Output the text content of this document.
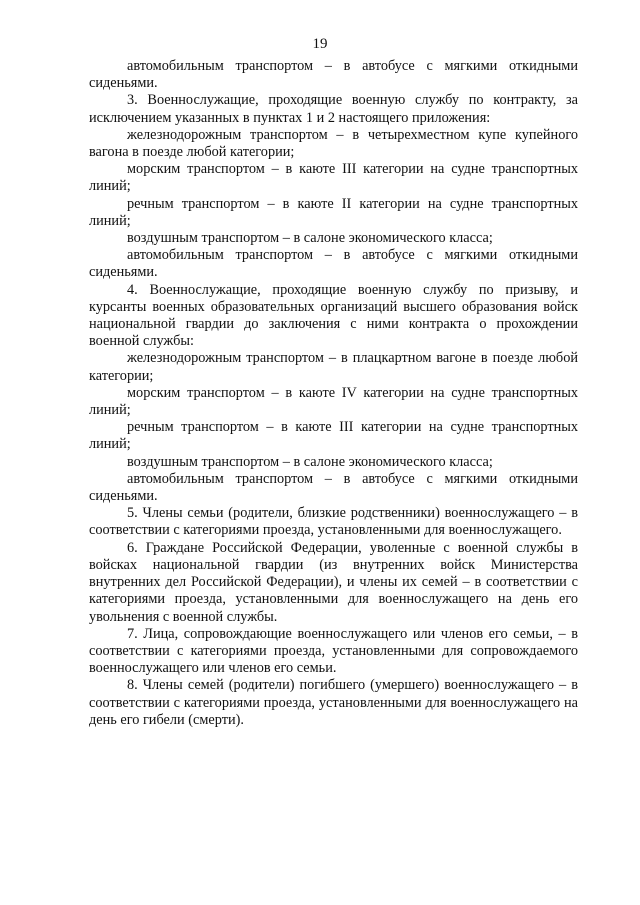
19

автомобильным транспортом – в автобусе с мягкими откидными сиденьями.

3. Военнослужащие, проходящие военную службу по контракту, за исключением указанных в пунктах 1 и 2 настоящего приложения:

железнодорожным транспортом – в четырехместном купе купейного вагона в поезде любой категории;

морским транспортом – в каюте III категории на судне транспортных линий;

речным транспортом – в каюте II категории на судне транспортных линий;

воздушным транспортом – в салоне экономического класса;

автомобильным транспортом – в автобусе с мягкими откидными сиденьями.

4. Военнослужащие, проходящие военную службу по призыву, и курсанты военных образовательных организаций высшего образования войск национальной гвардии до заключения с ними контракта о прохождении военной службы:

железнодорожным транспортом – в плацкартном вагоне в поезде любой категории;

морским транспортом – в каюте IV категории на судне транспортных линий;

речным транспортом – в каюте III категории на судне транспортных линий;

воздушным транспортом – в салоне экономического класса;

автомобильным транспортом – в автобусе с мягкими откидными сиденьями.

5. Члены семьи (родители, близкие родственники) военнослужащего – в соответствии с категориями проезда, установленными для военнослужащего.

6. Граждане Российской Федерации, уволенные с военной службы в войсках национальной гвардии (из внутренних войск Министерства внутренних дел Российской Федерации), и члены их семей – в соответствии с категориями проезда, установленными для военнослужащего на день его увольнения с военной службы.

7. Лица, сопровождающие военнослужащего или членов его семьи, – в соответствии с категориями проезда, установленными для сопровождаемого военнослужащего или членов его семьи.

8. Члены семей (родители) погибшего (умершего) военнослужащего – в соответствии с категориями проезда, установленными для военнослужащего на день его гибели (смерти).
